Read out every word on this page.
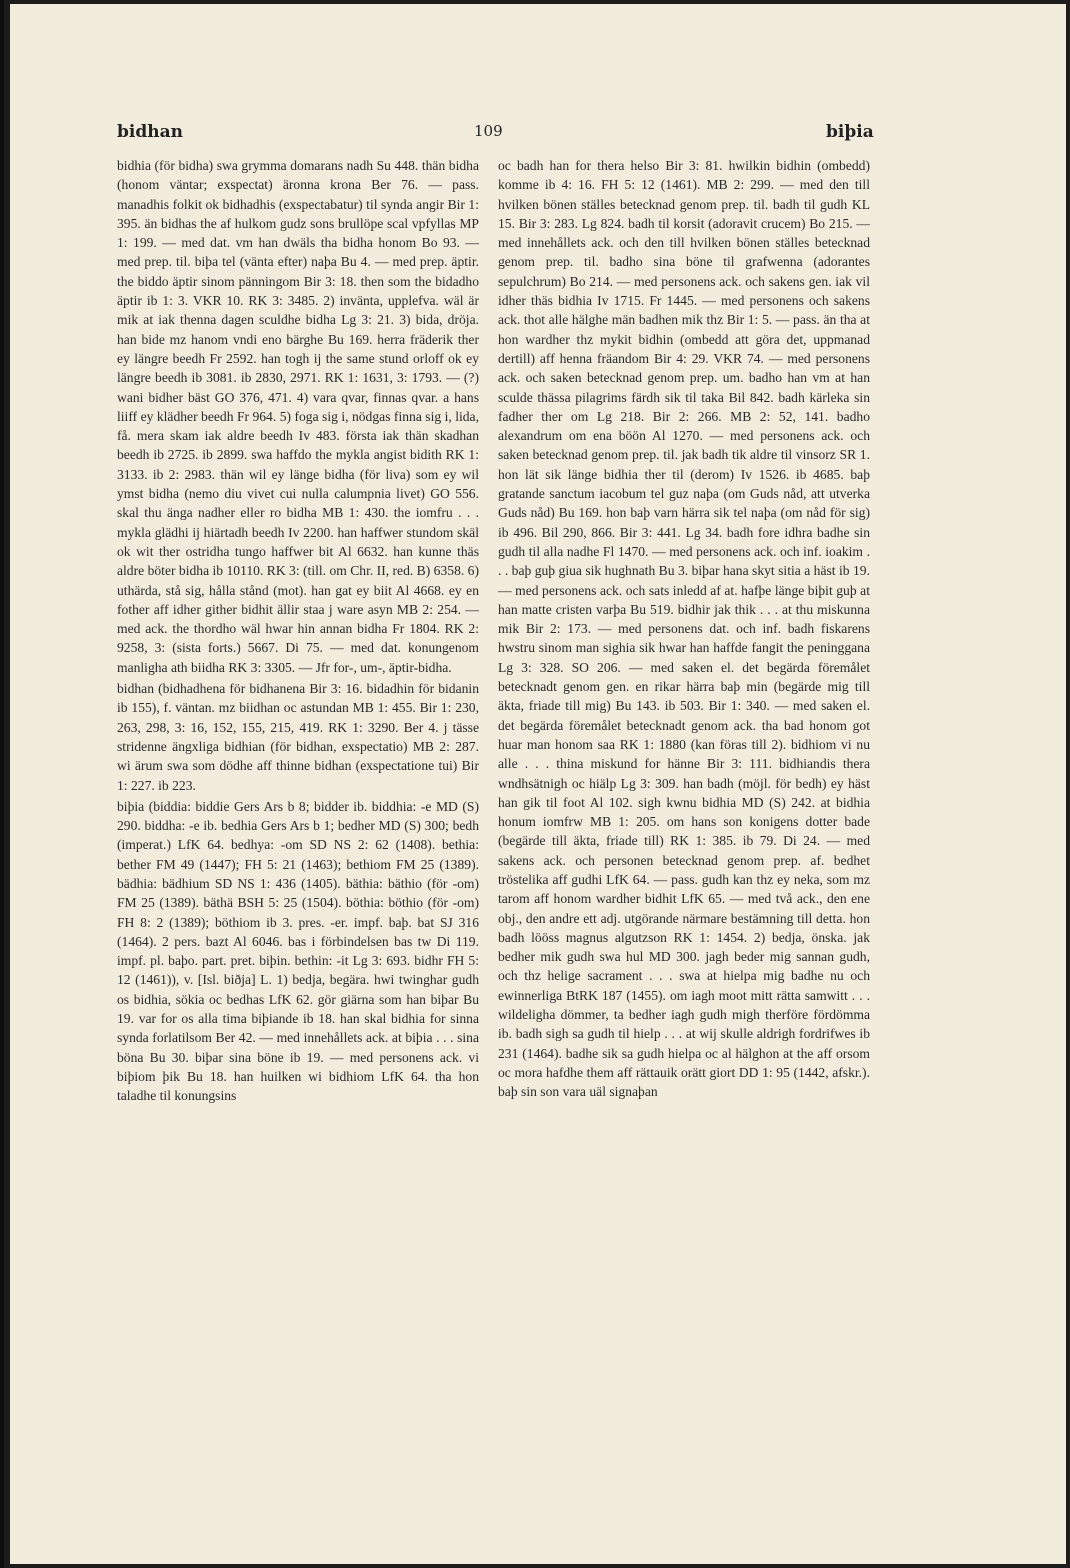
bidhan	109	biþia

bidhia (för bidha) swa grymma domarans nadh Su 448. thän bidha (honom väntar; exspectat) äronna krona Ber 76. — pass. manadhis folkit ok bidhadhis (exspectabatur) til synda angir Bir 1: 395. än bidhas the af hulkom gudz sons brullöpe scal vpfyllas MP 1: 199. — med dat. vm han dwäls tha bidha honom Bo 93. — med prep. til. biþa tel (vänta efter) naþa Bu 4. — med prep. äptir. the biddo äptir sinom pänningom Bir 3: 18. then som the bidadho äptir ib 1: 3. VKR 10. RK 3: 3485. 2) invänta, upplefva. wäl är mik at iak thenna dagen sculdhe bidha Lg 3: 21. 3) bida, dröja. han bide mz hanom vndi eno bärghe Bu 169. herra fräderik ther ey längre beedh Fr 2592. han togh ij the same stund orloff ok ey längre beedh ib 3081. ib 2830, 2971. RK 1: 1631, 3: 1793. — (?) wani bidher bäst GO 376, 471. 4) vara qvar, finnas qvar. a hans liiff ey klädher beedh Fr 964. 5) foga sig i, nödgas finna sig i, lida, få. mera skam iak aldre beedh Iv 483. första iak thän skadhan beedh ib 2725. ib 2899. swa haffdo the mykla angist bidith RK 1: 3133. ib 2: 2983. thän wil ey länge bidha (för liva) som ey wil ymst bidha (nemo diu vivet cui nulla calumpnia livet) GO 556. skal thu änga nadher eller ro bidha MB 1: 430. the iomfru . . . mykla glädhi ij hiärtadh beedh Iv 2200. han haffwer stundom skäl ok wit ther ostridha tungo haffwer bit Al 6632. han kunne thäs aldre böter bidha ib 10110. RK 3: (till. om Chr. II, red. B) 6358. 6) uthärda, stå sig, hålla stånd (mot). han gat ey biit Al 4668. ey en fother aff idher gither bidhit ällir staa j ware asyn MB 2: 254. — med ack. the thordho wäl hwar hin annan bidha Fr 1804. RK 2: 9258, 3: (sista forts.) 5667. Di 75. — med dat. konungenom manligha ath biidha RK 3: 3305. — Jfr for-, um-, äptir-bidha.

bidhan (bidhadhena för bidhanena Bir 3: 16. bidadhin för bidanin ib 155), f. väntan. mz biidhan oc astundan MB 1: 455. Bir 1: 230, 263, 298, 3: 16, 152, 155, 215, 419. RK 1: 3290. Ber 4. j tässe stridenne ängxliga bidhian (för bidhan, exspectatio) MB 2: 287. wi ärum swa som dödhe aff thinne bidhan (exspectatione tui) Bir 1: 227. ib 223.

biþia (biddia: biddie Gers Ars b 8; bidder ib. biddhia: -e MD (S) 290. biddha: -e ib. bedhia Gers Ars b 1; bedher MD (S) 300; bedh (imperat.) LfK 64. bedhya: -om SD NS 2: 62 (1408). bethia: bether FM 49 (1447); FH 5: 21 (1463); bethiom FM 25 (1389). bädhia: bädhium SD NS 1: 436 (1405). bäthia: bäthio (för -om) FM 25 (1389). bäthä BSH 5: 25 (1504). böthia: böthio (för -om) FH 8: 2 (1389); böthiom ib 3. pres. -er. impf. baþ. bat SJ 316 (1464). 2 pers. bazt Al 6046. bas i förbindelsen bas tw Di 119. impf. pl. baþo. part. pret. biþin. bethin: -it Lg 3: 693. bidhr FH 5: 12 (1461)), v. [Isl. biðja] L. 1) bedja, begära. hwi twinghar gudh os bidhia, sökia oc bedhas LfK 62. gör giärna som han biþar Bu 19. var for os alla tima biþiande ib 18. han skal bidhia for sinna synda forlatilsom Ber 42. — med innehållets ack. at biþia . . . sina böna Bu 30. biþar sina böne ib 19. — med personens ack. vi biþiom þik Bu 18. han huilken wi bidhiom LfK 64. tha hon taladhe til konungsins

oc badh han for thera helso Bir 3: 81. hwilkin bidhin (ombedd) komme ib 4: 16. FH 5: 12 (1461). MB 2: 299. — med den till hvilken bönen ställes betecknad genom prep. til. badh til gudh KL 15. Bir 3: 283. Lg 824. badh til korsit (adoravit crucem) Bo 215. — med innehållets ack. och den till hvilken bönen ställes betecknad genom prep. til. badho sina böne til grafwenna (adorantes sepulchrum) Bo 214. — med personens ack. och sakens gen. iak vil idher thäs bidhia Iv 1715. Fr 1445. — med personens och sakens ack. thot alle hälghe män badhen mik thz Bir 1: 5. — pass. än tha at hon wardher thz mykit bidhin (ombedd att göra det, uppmanad dertill) aff henna fräandom Bir 4: 29. VKR 74. — med personens ack. och saken betecknad genom prep. um. badho han vm at han sculde thässa pilagrims färdh sik til taka Bil 842. badh kärleka sin fadher ther om Lg 218. Bir 2: 266. MB 2: 52, 141. badho alexandrum om ena böön Al 1270. — med personens ack. och saken betecknad genom prep. til. jak badh tik aldre til vinsorz SR 1. hon lät sik länge bidhia ther til (derom) Iv 1526. ib 4685. baþ gratande sanctum iacobum tel guz naþa (om Guds nåd, att utverka Guds nåd) Bu 169. hon baþ varn härra sik tel naþa (om nåd för sig) ib 496. Bil 290, 866. Bir 3: 441. Lg 34. badh fore idhra badhe sin gudh til alla nadhe Fl 1470. — med personens ack. och inf. ioakim . . . baþ guþ giua sik hughnath Bu 3. biþar hana skyt sitia a häst ib 19. — med personens ack. och sats inledd af at. hafþe länge biþit guþ at han matte cristen varþa Bu 519. bidhir jak thik . . . at thu miskunna mik Bir 2: 173. — med personens dat. och inf. badh fiskarens hwstru sinom man sighia sik hwar han haffde fangit the peninggana Lg 3: 328. SO 206. — med saken el. det begärda föremålet betecknadt genom gen. en rikar härra baþ min (begärde mig till äkta, friade till mig) Bu 143. ib 503. Bir 1: 340. — med saken el. det begärda föremålet betecknadt genom ack. tha bad honom got huar man honom saa RK 1: 1880 (kan föras till 2). bidhiom vi nu alle . . . thina miskund for hänne Bir 3: 111. bidhiandis thera wndhsätnigh oc hiälp Lg 3: 309. han badh (möjl. för bedh) ey häst han gik til foot Al 102. sigh kwnu bidhia MD (S) 242. at bidhia honum iomfrw MB 1: 205. om hans son konigens dotter bade (begärde till äkta, friade till) RK 1: 385. ib 79. Di 24. — med sakens ack. och personen betecknad genom prep. af. bedhet tröstelika aff gudhi LfK 64. — pass. gudh kan thz ey neka, som mz tarom aff honom wardher bidhit LfK 65. — med två ack., den ene obj., den andre ett adj. utgörande närmare bestämning till detta. hon badh lööss magnus algutzson RK 1: 1454. 2) bedja, önska. jak bedher mik gudh swa hul MD 300. jagh beder mig sannan gudh, och thz helige sacrament . . . swa at hielpa mig badhe nu och ewinnerliga BtRK 187 (1455). om iagh moot mitt rätta samwitt . . . wildeligha dömmer, ta bedher iagh gudh migh therföre fördömma ib. badh sigh sa gudh til hielp . . . at wij skulle aldrigh fordrifwes ib 231 (1464). badhe sik sa gudh hielpa oc al hälghon at the aff orsom oc mora hafdhe them aff rättauik orätt giort DD 1: 95 (1442, afskr.). baþ sin son vara uäl signaþan
